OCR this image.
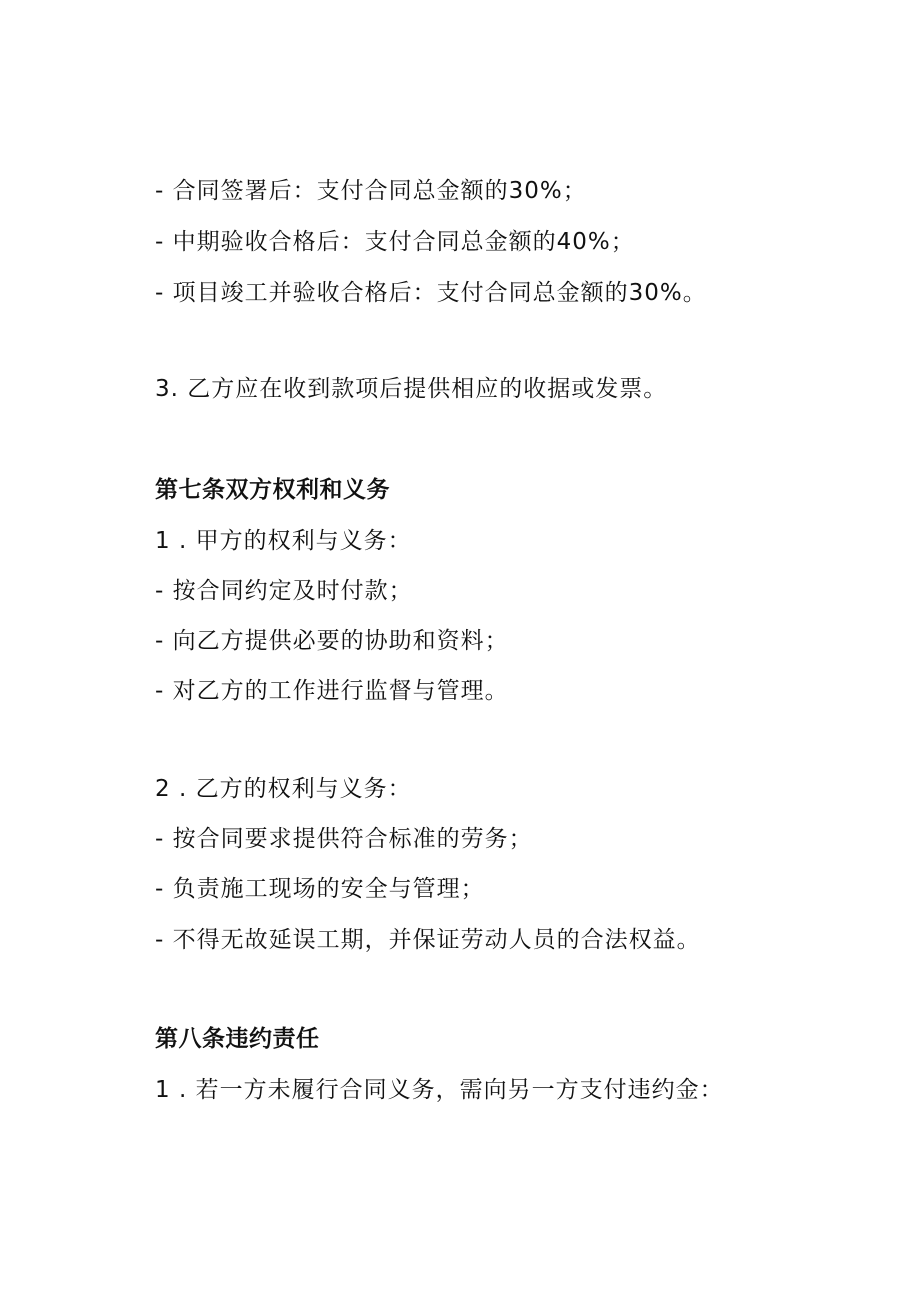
- 合同签署后：支付合同总金额的30%；
- 中期验收合格后：支付合同总金额的40%；
- 项目竣工并验收合格后：支付合同总金额的30%。
3. 乙方应在收到款项后提供相应的收据或发票。
第七条双方权利和义务
1 . 甲方的权利与义务：
- 按合同约定及时付款；
- 向乙方提供必要的协助和资料；
- 对乙方的工作进行监督与管理。
2 . 乙方的权利与义务：
- 按合同要求提供符合标准的劳务；
- 负责施工现场的安全与管理；
- 不得无故延误工期，并保证劳动人员的合法权益。
第八条违约责任
1 . 若一方未履行合同义务，需向另一方支付违约金：
